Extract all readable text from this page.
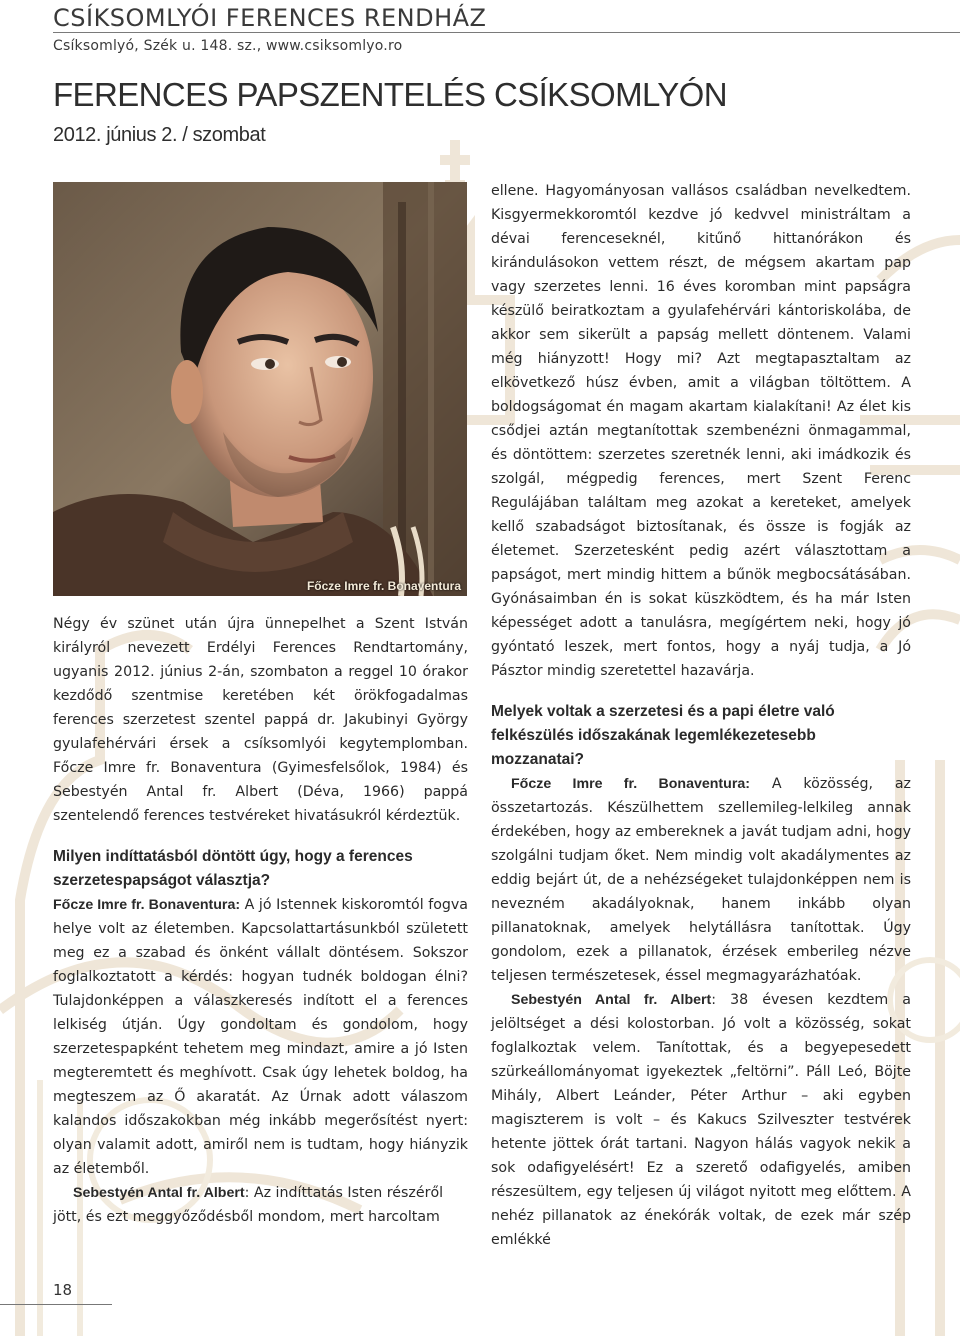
CSÍKSOMLYÓI FERENCES RENDHÁZ
Csíksomlyó, Szék u. 148. sz., www.csiksomlyo.ro
FERENCES PAPSZENTELÉS CSÍKSOMLYÓN
2012. június 2. / szombat
Főcze Imre fr. Bonaventura

Négy év szünet után újra ünnepelhet a Szent István királyról nevezett Erdélyi Ferences Rendtartomány, ugyanis 2012. június 2-án, szombaton a reggel 10 órakor kezdődő szentmise keretében két örökfogadalmas ferences szerzetest szentel pappá dr. Jakubinyi György gyulafehérvári érsek a csíksomlyói kegytemplomban. Főcze Imre fr. Bonaventura (Gyimesfelsőlok, 1984) és Sebestyén Antal fr. Albert (Déva, 1966) pappá szentelendő ferences testvéreket hivatásukról kérdeztük.

Milyen indíttatásból döntött úgy, hogy a ferences szerzetespapságot választja?

Főcze Imre fr. Bonaventura: A jó Istennek kiskoromtól fogva helye volt az életemben. Kapcsolattartásunkból született meg ez a szabad és önként vállalt döntésem. Sokszor foglalkoztatott a kérdés: hogyan tudnék boldogan élni? Tulajdonképpen a válaszkeresés indított el a ferences lelkiség útján. Úgy gondoltam és gondolom, hogy szerzetespapként tehetem meg mindazt, amire a jó Isten megteremtett és meghívott. Csak úgy lehetek boldog, ha megteszem az Ő akaratát. Az Úrnak adott válaszom kalandos időszakokban még inkább megerősítést nyert: olyan valamit adott, amiről nem is tudtam, hogy hiányzik az életemből.

Sebestyén Antal fr. Albert: Az indíttatás Isten részéről jött, és ezt meggyőződésből mondom, mert harcoltam

ellene. Hagyományosan vallásos családban nevelkedtem. Kisgyermekkoromtól kezdve jó kedvvel ministráltam a dévai ferenceseknél, kitűnő hittanórákon és kirándulásokon vettem részt, de mégsem akartam pap vagy szerzetes lenni. 16 éves koromban mint papságra készülő beiratkoztam a gyulafehérvári kántoriskolába, de akkor sem sikerült a papság mellett döntenem. Valami még hiányzott! Hogy mi? Azt megtapasztaltam az elkövetkező húsz évben, amit a világban töltöttem. A boldogságomat én magam akartam kialakítani! Az élet kis csődjei aztán megtanítottak szembenézni önmagammal, és döntöttem: szerzetes szeretnék lenni, aki imádkozik és szolgál, mégpedig ferences, mert Szent Ferenc Regulájában találtam meg azokat a kereteket, amelyek kellő szabadságot biztosítanak, és össze is fogják az életemet. Szerzetesként pedig azért választottam a papságot, mert mindig hittem a bűnök megbocsátásában. Gyónásaimban én is sokat küszködtem, és ha már Isten képességet adott a tanulásra, megígértem neki, hogy jó gyóntató leszek, mert fontos, hogy a nyáj tudja, a Jó Pásztor mindig szeretettel hazavárja.

Melyek voltak a szerzetesi és a papi életre való felkészülés időszakának legemlékezetesebb mozzanatai?

Főcze Imre fr. Bonaventura: A közösség, az összetartozás. Készülhettem szellemileg-lelkileg annak érdekében, hogy az embereknek a javát tudjam adni, hogy szolgálni tudjam őket. Nem mindig volt akadálymentes az eddig bejárt út, de a nehézségeket tulajdonképpen nem is nevezném akadályoknak, hanem inkább olyan pillanatoknak, amelyek helytállásra tanítottak. Úgy gondolom, ezek a pillanatok, érzések emberileg nézve teljesen természetesek, éssel megmagyarázhatóak.

Sebestyén Antal fr. Albert: 38 évesen kezdtem a jelöltséget a dési kolostorban. Jó volt a közösség, sokat foglalkoztak velem. Tanítottak, és a begyepesedett szürkeállományomat igyekeztek „feltörni”. Páll Leó, Böjte Mihály, Albert Leánder, Péter Arthur – aki egyben magiszterem is volt – és Kakucs Szilveszter testvérek hetente jöttek órát tartani. Nagyon hálás vagyok nekik a sok odafigyelésért! Ez a szerető odafigyelés, amiben részesültem, egy teljesen új világot nyitott meg előttem. A nehéz pillanatok az énekórák voltak, de ezek már szép emlékké

18
